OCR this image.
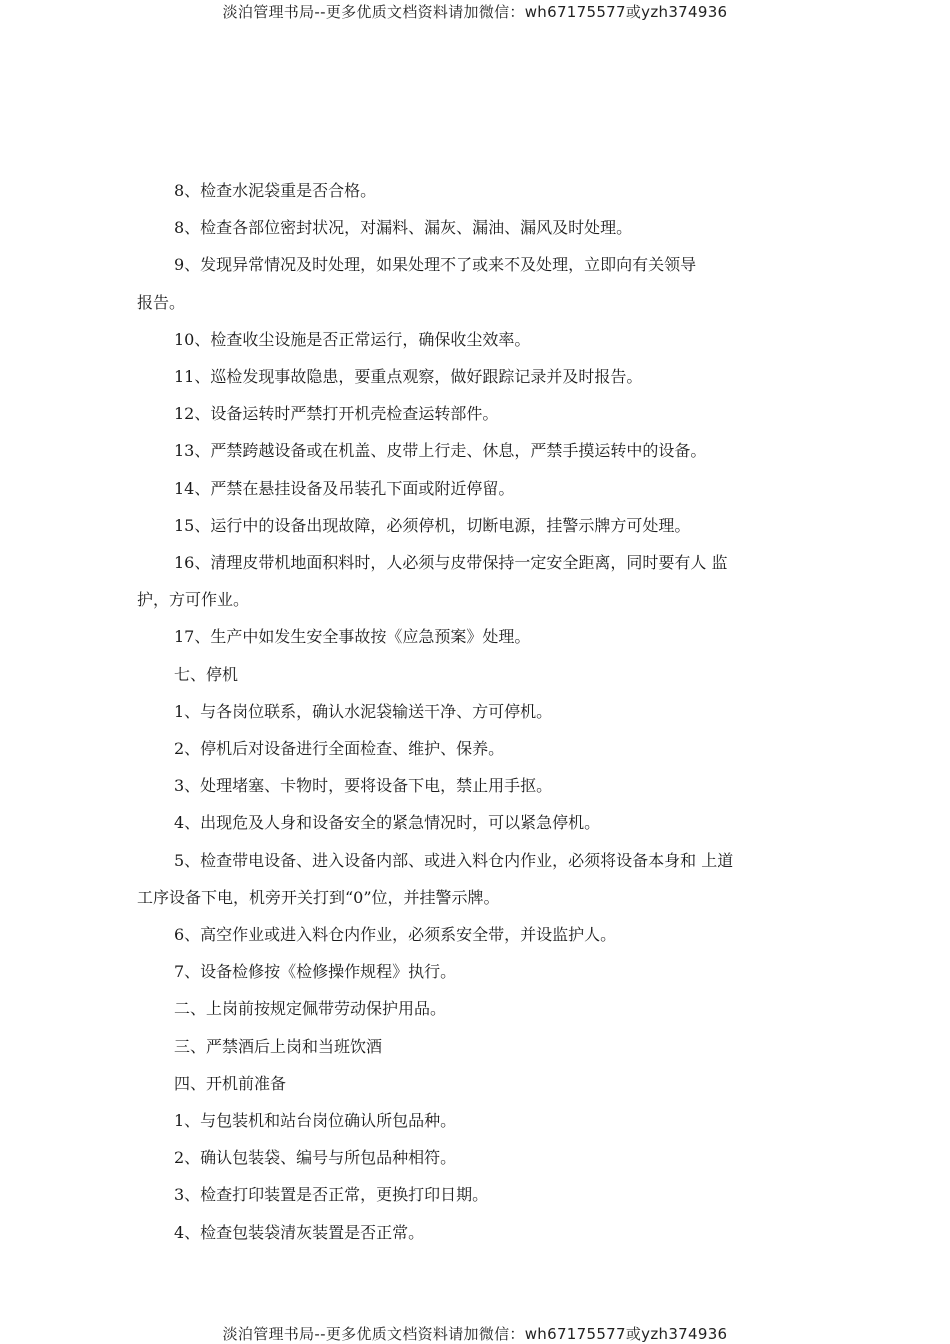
淡泊管理书局--更多优质文档资料请加微信：wh67175577或yzh374936
8、检查水泥袋重是否合格。
8、检查各部位密封状况，对漏料、漏灰、漏油、漏风及时处理。
9、发现异常情况及时处理，如果处理不了或来不及处理，立即向有关领导
报告。
10、检查收尘设施是否正常运行，确保收尘效率。
11、巡检发现事故隐患，要重点观察，做好跟踪记录并及时报告。
12、设备运转时严禁打开机壳检查运转部件。
13、严禁跨越设备或在机盖、皮带上行走、休息，严禁手摸运转中的设备。
14、严禁在悬挂设备及吊装孔下面或附近停留。
15、运行中的设备出现故障，必须停机，切断电源，挂警示牌方可处理。
16、清理皮带机地面积料时，人必须与皮带保持一定安全距离，同时要有人 监
护，方可作业。
17、生产中如发生安全事故按《应急预案》处理。
七、停机
1、与各岗位联系，确认水泥袋输送干净、方可停机。
2、停机后对设备进行全面检查、维护、保养。
3、处理堵塞、卡物时，要将设备下电，禁止用手抠。
4、出现危及人身和设备安全的紧急情况时，可以紧急停机。
5、检查带电设备、进入设备内部、或进入料仓内作业，必须将设备本身和 上道
工序设备下电，机旁开关打到“0”位，并挂警示牌。
6、高空作业或进入料仓内作业，必须系安全带，并设监护人。
7、设备检修按《检修操作规程》执行。
二、上岗前按规定佩带劳动保护用品。
三、严禁酒后上岗和当班饮酒
四、开机前准备
1、与包装机和站台岗位确认所包品种。
2、确认包装袋、编号与所包品种相符。
3、检查打印装置是否正常，更换打印日期。
4、检查包装袋清灰装置是否正常。
淡泊管理书局--更多优质文档资料请加微信：wh67175577或yzh374936
